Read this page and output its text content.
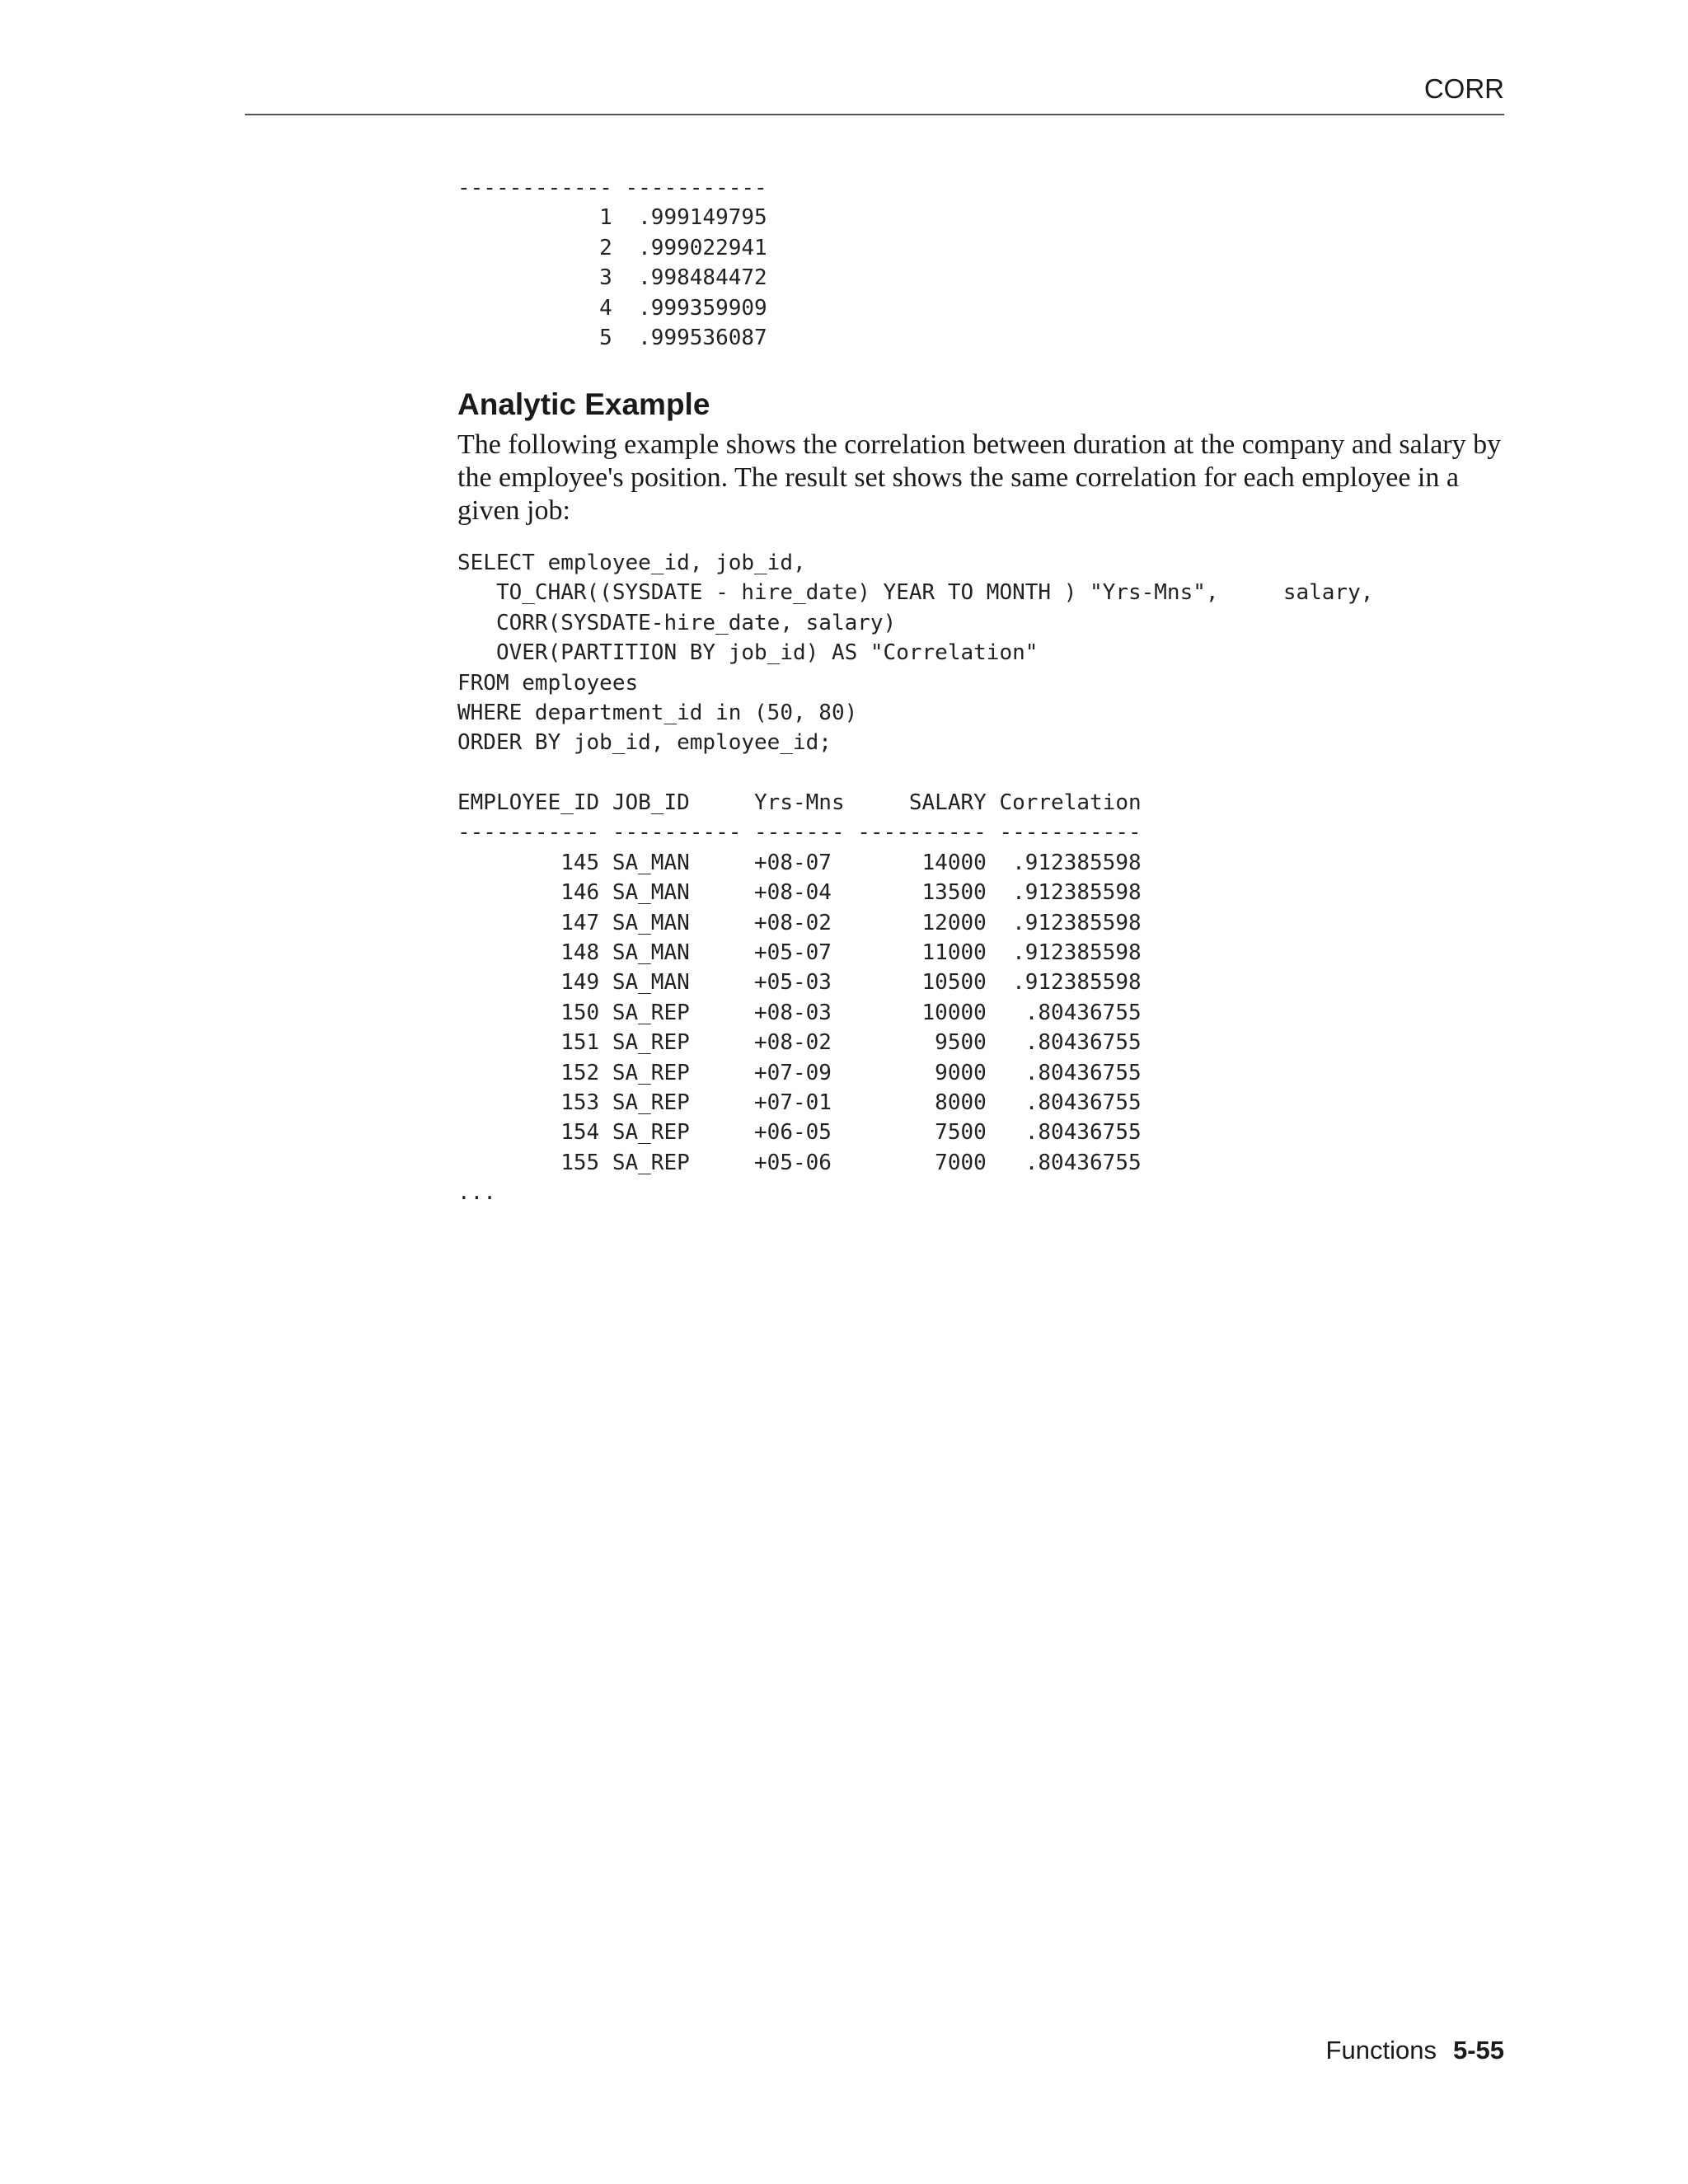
CORR
------------ -----------
1  .999149795
2  .999022941
3  .998484472
4  .999359909
5  .999536087
Analytic Example

The following example shows the correlation between duration at the company and salary by the employee's position. The result set shows the same correlation for each employee in a given job:

SELECT employee_id, job_id,
TO_CHAR((SYSDATE - hire_date) YEAR TO MONTH ) "Yrs-Mns",     salary,
CORR(SYSDATE-hire_date, salary)
OVER(PARTITION BY job_id) AS "Correlation"
FROM employees
WHERE department_id in (50, 80)
ORDER BY job_id, employee_id;
EMPLOYEE_ID JOB_ID     Yrs-Mns     SALARY Correlation
----------- ---------- ------- ---------- -----------
145 SA_MAN     +08-07       14000  .912385598
146 SA_MAN     +08-04       13500  .912385598
147 SA_MAN     +08-02       12000  .912385598
148 SA_MAN     +05-07       11000  .912385598
149 SA_MAN     +05-03       10500  .912385598
150 SA_REP     +08-03       10000   .80436755
151 SA_REP     +08-02        9500   .80436755
152 SA_REP     +07-09        9000   .80436755
153 SA_REP     +07-01        8000   .80436755
154 SA_REP     +06-05        7500   .80436755
155 SA_REP     +05-06        7000   .80436755
...
Functions 5-55
